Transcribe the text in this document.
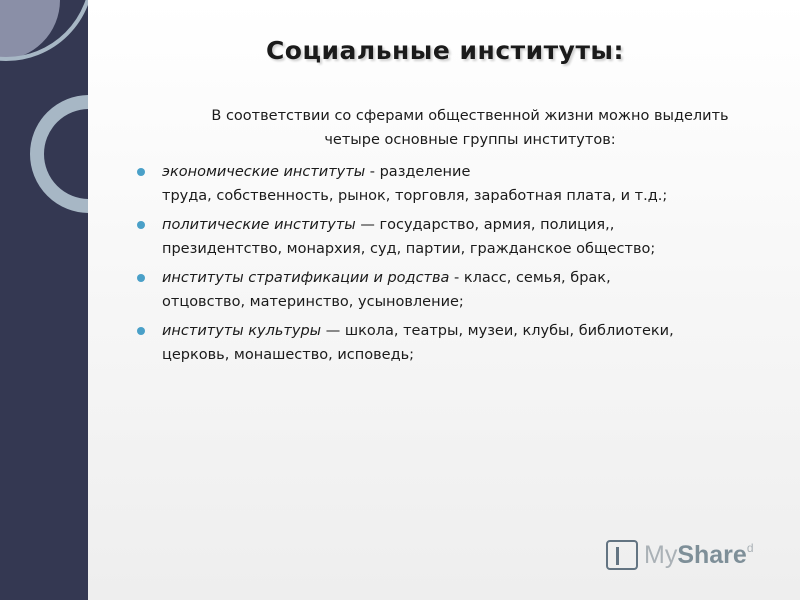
Социальные институты:
В соответствии со сферами общественной жизни можно выделить
четыре основные группы институтов:
экономические институты - разделение
труда, собственность, рынок, торговля, заработная плата, и т.д.;
политические институты — государство, армия, полиция,,
президентство, монархия, суд, партии, гражданское общество;
институты стратификации и родства - класс, семья, брак,
отцовство, материнство, усыновление;
институты культуры — школа, театры, музеи, клубы, библиотеки,
церковь, монашество, исповедь;
MyShare$^d$
